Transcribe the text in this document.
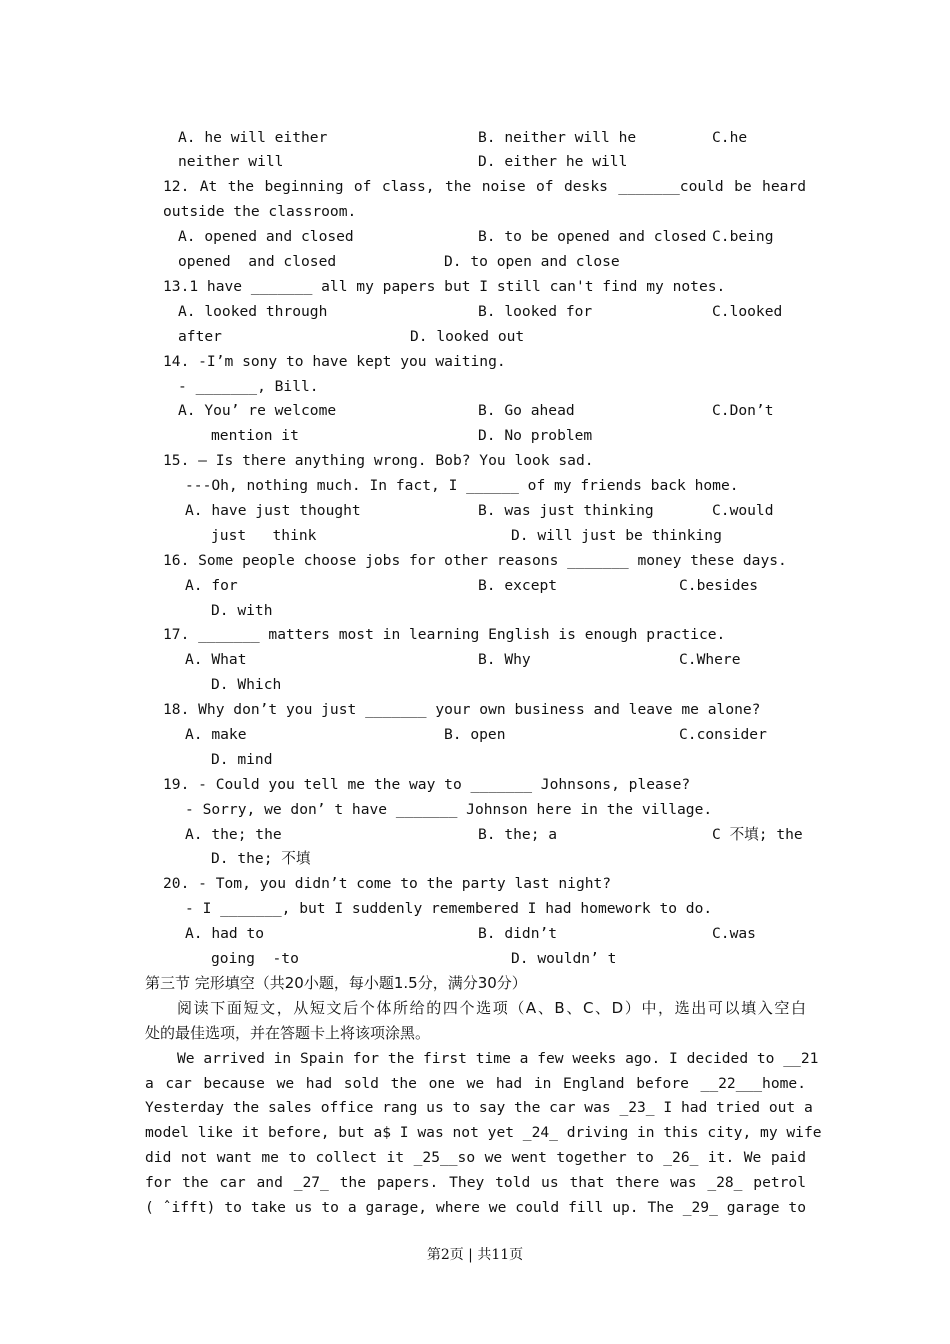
A. he will either	B. neither will he	C.he
neither will	D. either he will
12. At the beginning of class, the noise of desks _______could be heard
outside the classroom.
A. opened and closed	B. to be opened and closed C.being
opened  and closed	D. to open and close
13.1 have _______ all my papers but I still can't find my notes.
A. looked through	B. looked for	C.looked
after	D. looked out
14. -I’m sony to have kept you waiting.
- _______, Bill.
A. You’ re welcome	B. Go ahead	C.Don’t
mention it	D. No problem
15. — Is there anything wrong. Bob? You look sad.
---Oh, nothing much. In fact, I ______ of my friends back home.
A. have just thought	B. was just thinking	C.would
just   think	D. will just be thinking
16. Some people choose jobs for other reasons _______ money these days.
A. for	B. except	C.besides
D. with
17. _______ matters most in learning English is enough practice.
A. What	B. Why	C.Where
D. Which
18. Why don’t you just _______ your own business and leave me alone?
A. make	B. open	C.consider
D. mind
19. - Could you tell me the way to _______ Johnsons, please?
- Sorry, we don’ t have _______ Johnson here in the village.
A. the; the	B. the; a	C 不填; the
D. the; 不填
20. - Tom, you didn’t come to the party last night?
- I _______, but I suddenly remembered I had homework to do.
A. had to	B. didn’t	C.was
going  -to	D. wouldn’ t
第三节 完形填空（共20小题，每小题1.5分，满分30分）
阅读下面短文，从短文后个体所给的四个选项（A、B、C、D）中，选出可以填入空白
处的最佳选项，并在答题卡上将该项涂黑。
We arrived in Spain for the first time a few weeks ago. I decided to __21
a car because we had sold the one we had in England before __22___home.
Yesterday the sales office rang us to say the car was _23_ I had tried out a
model like it before, but a$ I was not yet _24_ driving in this city, my wife
did not want me to collect it _25__so we went together to _26_ it. We paid
for the car and _27_ the papers. They told us that there was _28_ petrol
( ˆifft) to take us to a garage, where we could fill up. The _29_ garage to
第2页 | 共11页
